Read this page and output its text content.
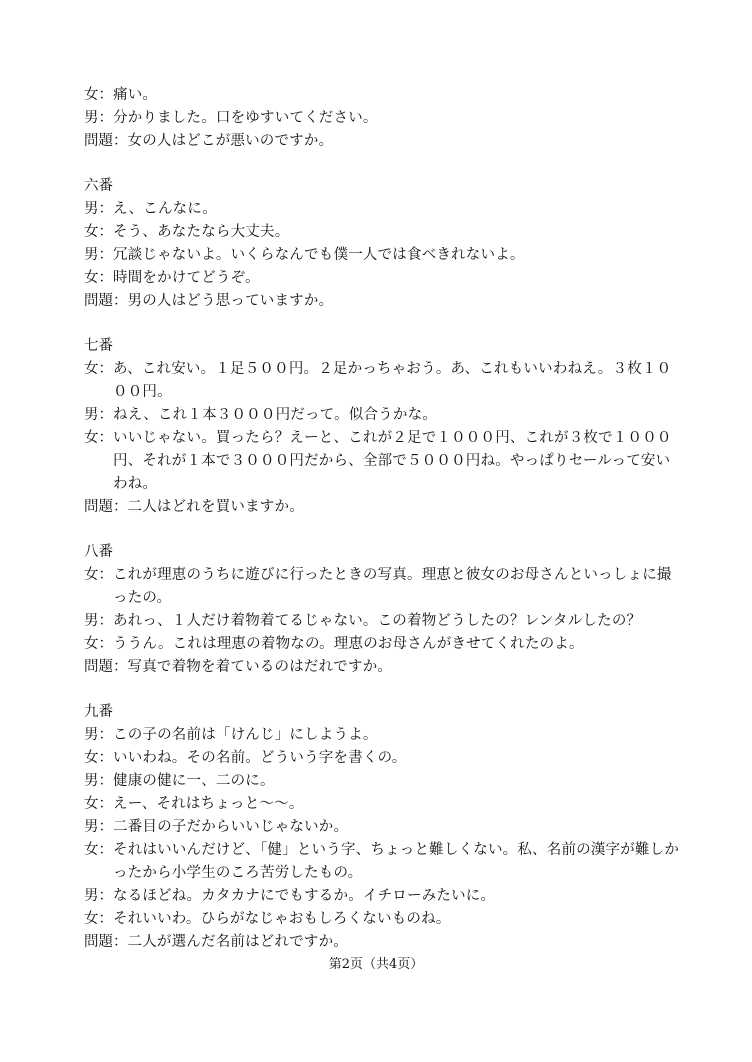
女： 痛い。
男： 分かりました。口をゆすいてください。
問題： 女の人はどこが悪いのですか。
六番
男： え、こんなに。
女： そう、あなたなら大丈夫。
男： 冗談じゃないよ。いくらなんでも僕一人では食べきれないよ。
女： 時間をかけてどうぞ。
問題： 男の人はどう思っていますか。
七番
女： あ、これ安い。１足５００円。２足かっちゃおう。あ、これもいいわねえ。３枚１０００円。
男： ねえ、これ１本３０００円だって。似合うかな。
女： いいじゃない。買ったら？えーと、これが２足で１０００円、これが３枚で１０００円、それが１本で３０００円だから、全部で５０００円ね。やっぱりセールって安いわね。
問題： 二人はどれを買いますか。
八番
女： これが理恵のうちに遊びに行ったときの写真。理恵と彼女のお母さんといっしょに撮ったの。
男： あれっ、１人だけ着物着てるじゃない。この着物どうしたの？レンタルしたの？
女： ううん。これは理恵の着物なの。理恵のお母さんがきせてくれたのよ。
問題： 写真で着物を着ているのはだれですか。
九番
男： この子の名前は「けんじ」にしようよ。
女： いいわね。その名前。どういう字を書くの。
男： 健康の健に一、二のに。
女： えー、それはちょっと～～。
男： 二番目の子だからいいじゃないか。
女： それはいいんだけど、「健」という字、ちょっと難しくない。私、名前の漢字が難しかったから小学生のころ苦労したもの。
男： なるほどね。カタカナにでもするか。イチローみたいに。
女： それいいわ。ひらがなじゃおもしろくないものね。
問題： 二人が選んだ名前はどれですか。
第2页（共4页）
